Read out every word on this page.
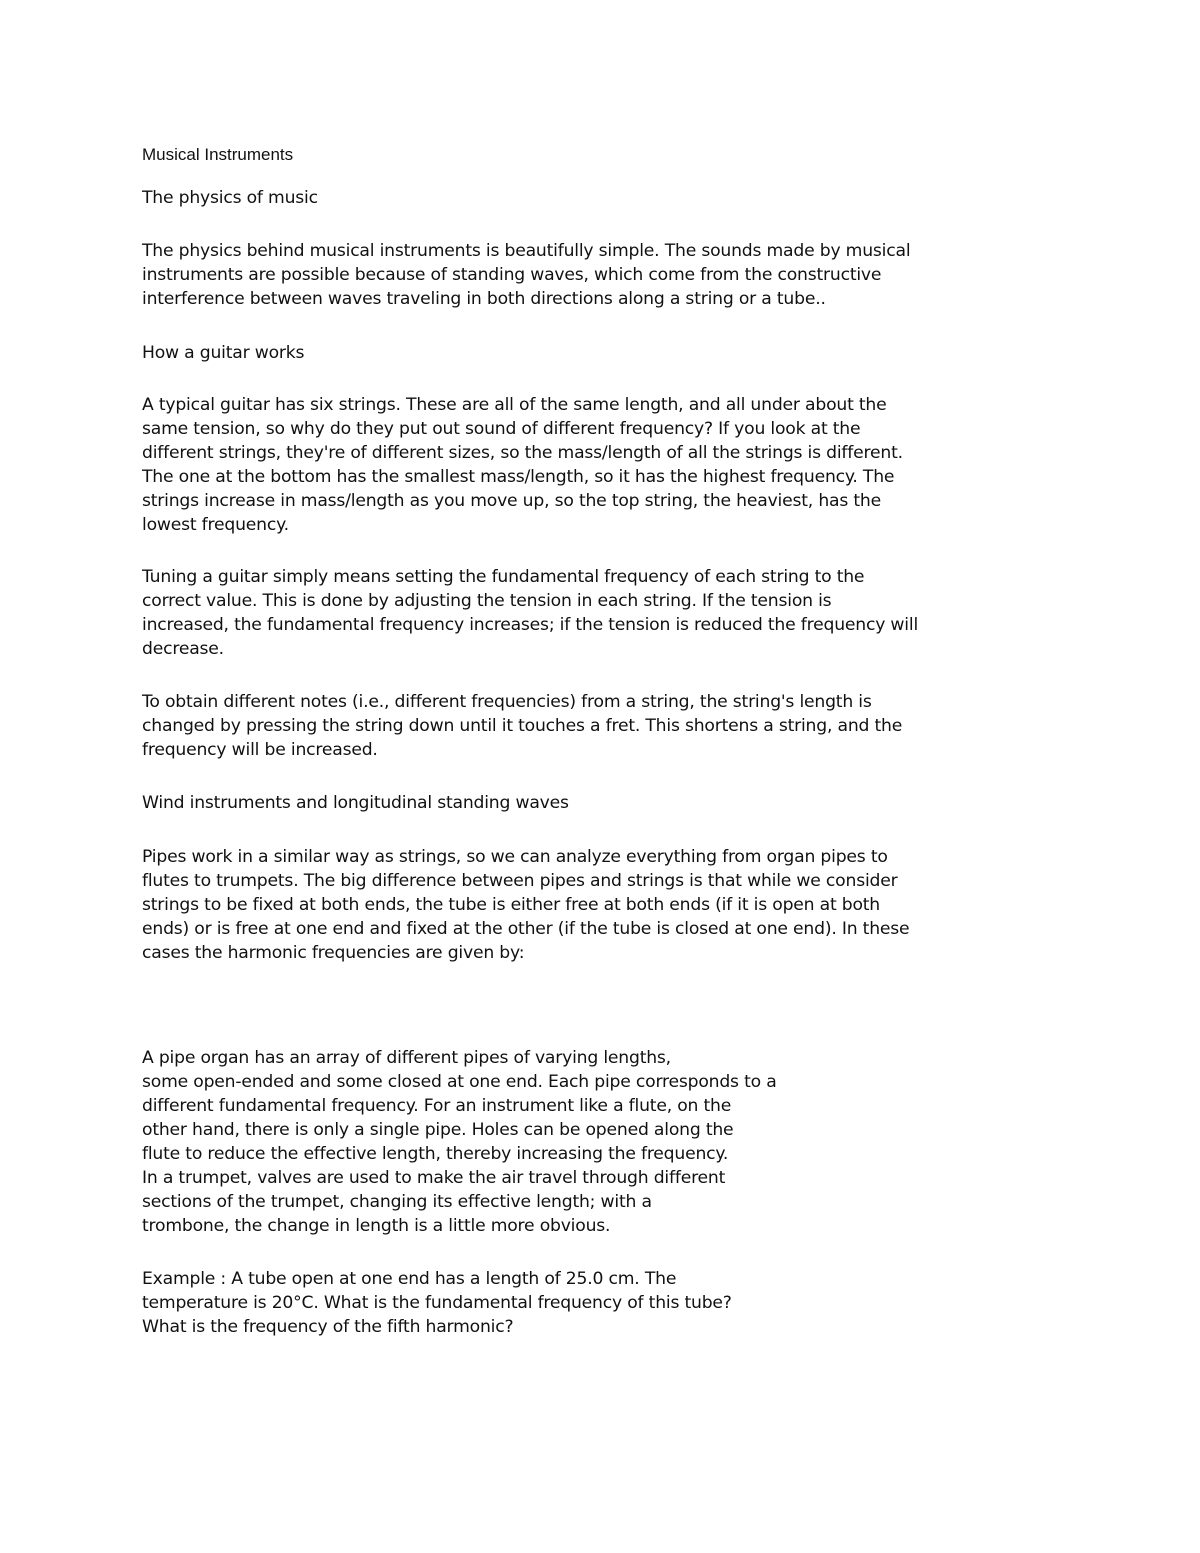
Musical Instruments
The physics of music
The physics behind musical instruments is beautifully simple. The sounds made by musical
instruments are possible because of standing waves, which come from the constructive
interference between waves traveling in both directions along a string or a tube..
How a guitar works
A typical guitar has six strings. These are all of the same length, and all under about the
same tension, so why do they put out sound of different frequency? If you look at the
different strings, they're of different sizes, so the mass/length of all the strings is different.
The one at the bottom has the smallest mass/length, so it has the highest frequency. The
strings increase in mass/length as you move up, so the top string, the heaviest, has the
lowest frequency.
Tuning a guitar simply means setting the fundamental frequency of each string to the
correct value. This is done by adjusting the tension in each string. If the tension is
increased, the fundamental frequency increases; if the tension is reduced the frequency will
decrease.
To obtain different notes (i.e., different frequencies) from a string, the string's length is
changed by pressing the string down until it touches a fret. This shortens a string, and the
frequency will be increased.
Wind instruments and longitudinal standing waves
Pipes work in a similar way as strings, so we can analyze everything from organ pipes to
flutes to trumpets. The big difference between pipes and strings is that while we consider
strings to be fixed at both ends, the tube is either free at both ends (if it is open at both
ends) or is free at one end and fixed at the other (if the tube is closed at one end). In these
cases the harmonic frequencies are given by:
A pipe organ has an array of different pipes of varying lengths,
some open-ended and some closed at one end. Each pipe corresponds to a
different fundamental frequency. For an instrument like a flute, on the
other hand, there is only a single pipe. Holes can be opened along the
flute to reduce the effective length, thereby increasing the frequency.
In a trumpet, valves are used to make the air travel through different
sections of the trumpet, changing its effective length; with a
trombone, the change in length is a little more obvious.
Example : A tube open at one end has a length of 25.0 cm. The
temperature is 20°C. What is the fundamental frequency of this tube?
What is the frequency of the fifth harmonic?
